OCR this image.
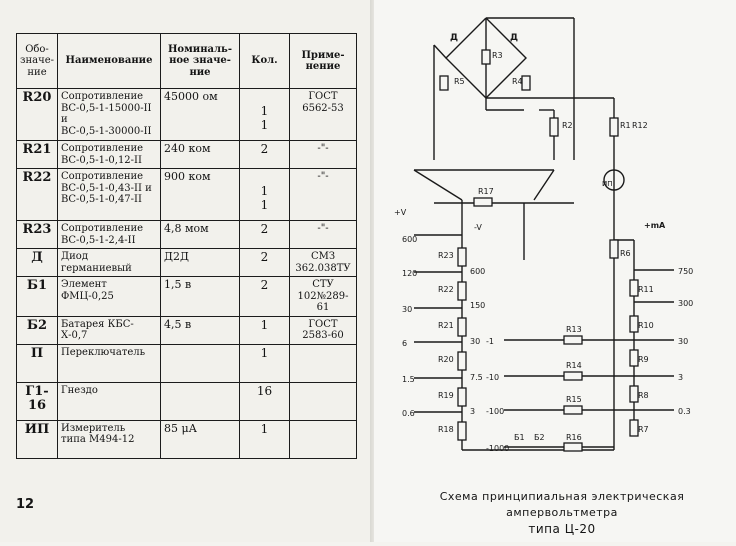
Обо-
значе-
ние	Наименование	Номиналь-
ное значе-
ние	Кол.	Приме-
нение

R20	Сопротивление
ВС-0,5-1-15000-II и
ВС-0,5-1-30000-II	45000 ом	1
1	ГОСТ
6562-53

R21	Сопротивление
ВС-0,5-1-0,12-II	240 ком	2	-"-

R22	Сопротивление
ВС-0,5-1-0,43-II и
ВС-0,5-1-0,47-II	900 ком	1
1	-"-

R23	Сопротивление
ВС-0,5-1-2,4-II	4,8 мом	2	-"-

Д	Диод
германиевый	Д2Д	2	СМЗ
362.038ТУ

Б1	Элемент ФМЦ-0,25	1,5 в	2	СТУ
102№289-61

Б2	Батарея КБС-Х-0,7	4,5 в	1	ГОСТ
2583-60

П	Переключатель		1	

Г1-16	Гнездо		16	

ИП	Измеритель
типа М494-12	85 μА	1	

12
Д	Д
R5
R3
R4
R2	R1 R12
R6
ИП
R17
R23
R22
R21
R20
R19
R18
R11
R10
R9
R8
R7
R13
R14
R15
R16
Б2
Б1
+V
+mA
-V
600
120
30
6
1.5
0.6
600
150
30
7.5
3
750
300
30
3
0.3
-1
-10
-100
-1000
Схема принципиальная электрическая
ампервольтметра
типа Ц-20
